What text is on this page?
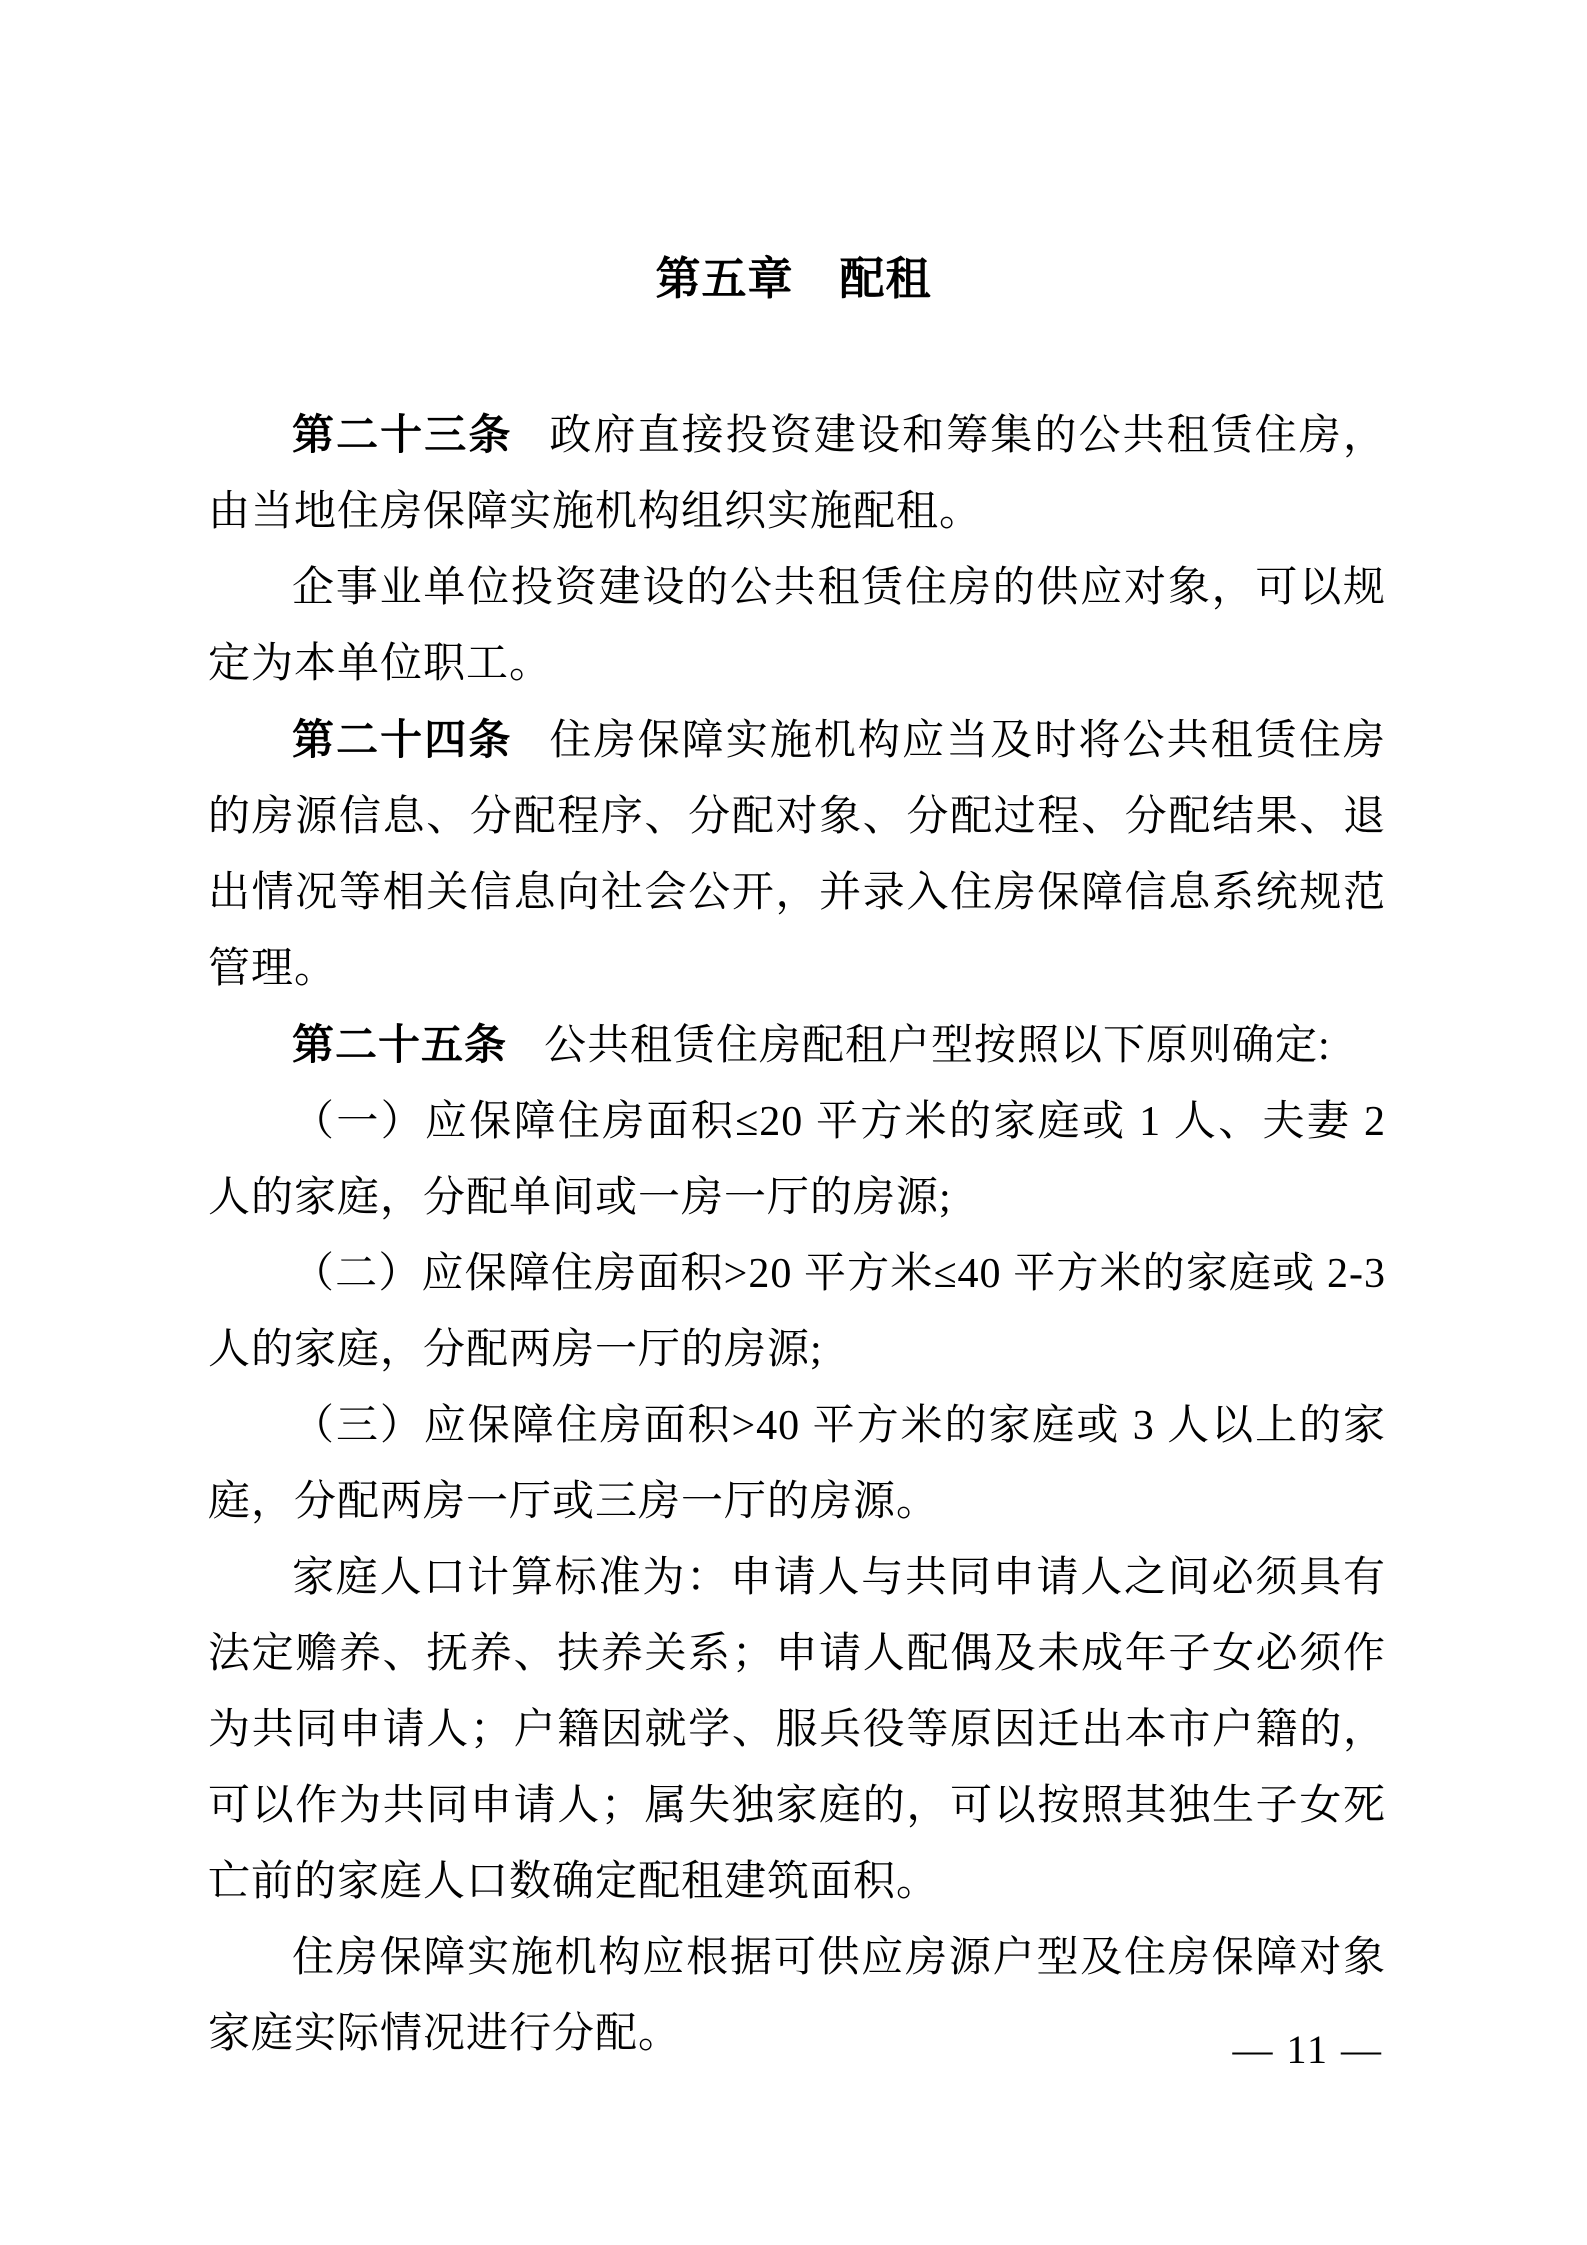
第五章　配租

第二十三条 政府直接投资建设和筹集的公共租赁住房，由当地住房保障实施机构组织实施配租。

企事业单位投资建设的公共租赁住房的供应对象，可以规定为本单位职工。

第二十四条 住房保障实施机构应当及时将公共租赁住房的房源信息、分配程序、分配对象、分配过程、分配结果、退出情况等相关信息向社会公开，并录入住房保障信息系统规范管理。

第二十五条 公共租赁住房配租户型按照以下原则确定:

（一）应保障住房面积≤20 平方米的家庭或 1 人、夫妻 2 人的家庭，分配单间或一房一厅的房源;

（二）应保障住房面积>20 平方米≤40 平方米的家庭或 2-3 人的家庭，分配两房一厅的房源;

（三）应保障住房面积>40 平方米的家庭或 3 人以上的家庭，分配两房一厅或三房一厅的房源。

家庭人口计算标准为：申请人与共同申请人之间必须具有法定赡养、抚养、扶养关系；申请人配偶及未成年子女必须作为共同申请人；户籍因就学、服兵役等原因迁出本市户籍的，可以作为共同申请人；属失独家庭的，可以按照其独生子女死亡前的家庭人口数确定配租建筑面积。

住房保障实施机构应根据可供应房源户型及住房保障对象家庭实际情况进行分配。	— 11 —
